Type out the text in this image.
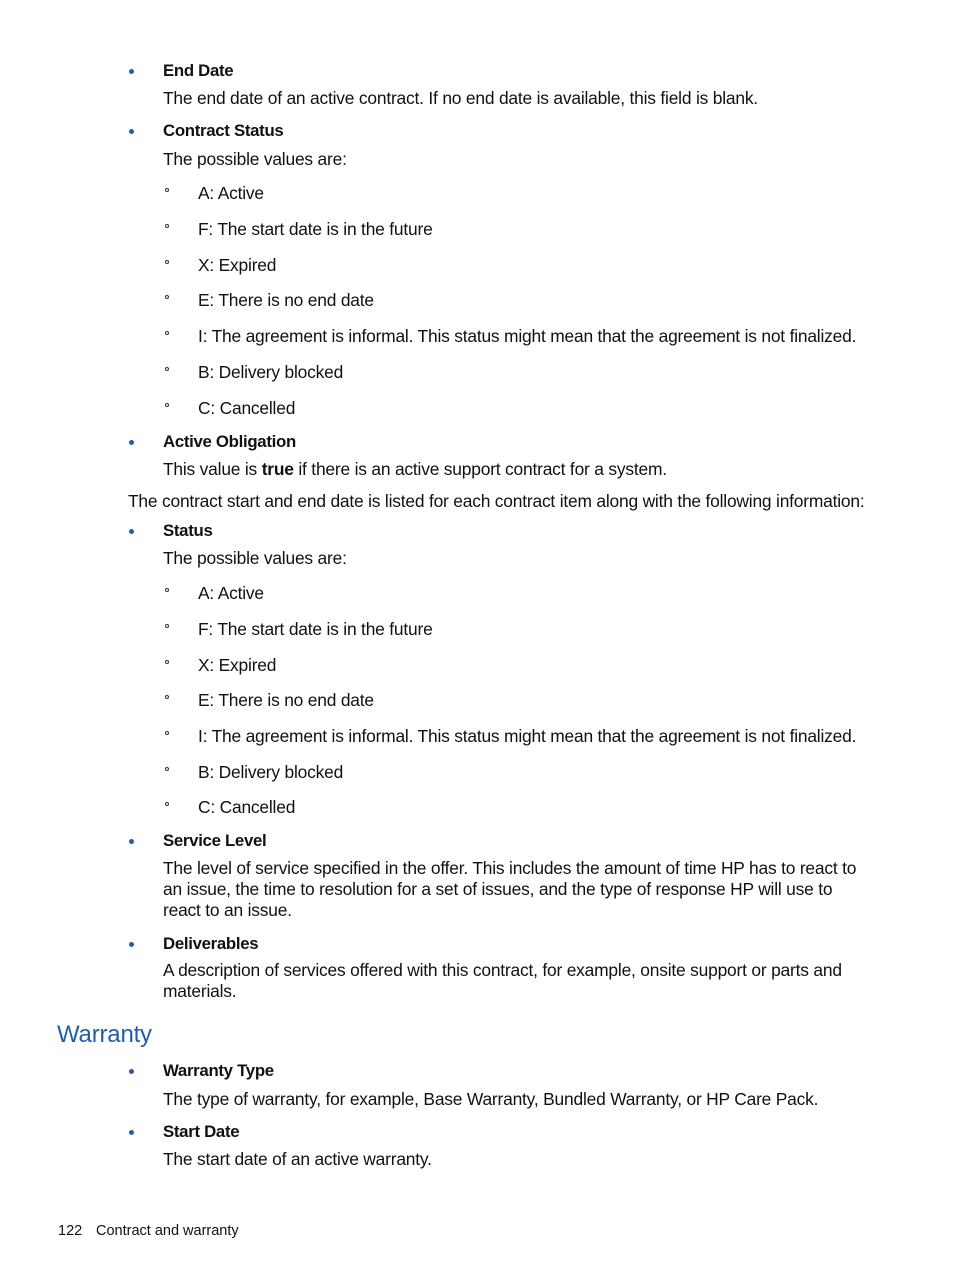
End Date
The end date of an active contract. If no end date is available, this field is blank.
Contract Status
The possible values are:
A: Active
F: The start date is in the future
X: Expired
E: There is no end date
I: The agreement is informal. This status might mean that the agreement is not finalized.
B: Delivery blocked
C: Cancelled
Active Obligation
This value is true if there is an active support contract for a system.
The contract start and end date is listed for each contract item along with the following information:
Status
The possible values are:
A: Active
F: The start date is in the future
X: Expired
E: There is no end date
I: The agreement is informal. This status might mean that the agreement is not finalized.
B: Delivery blocked
C: Cancelled
Service Level
The level of service specified in the offer. This includes the amount of time HP has to react to an issue, the time to resolution for a set of issues, and the type of response HP will use to react to an issue.
Deliverables
A description of services offered with this contract, for example, onsite support or parts and materials.
Warranty
Warranty Type
The type of warranty, for example, Base Warranty, Bundled Warranty, or HP Care Pack.
Start Date
The start date of an active warranty.
122 Contract and warranty
